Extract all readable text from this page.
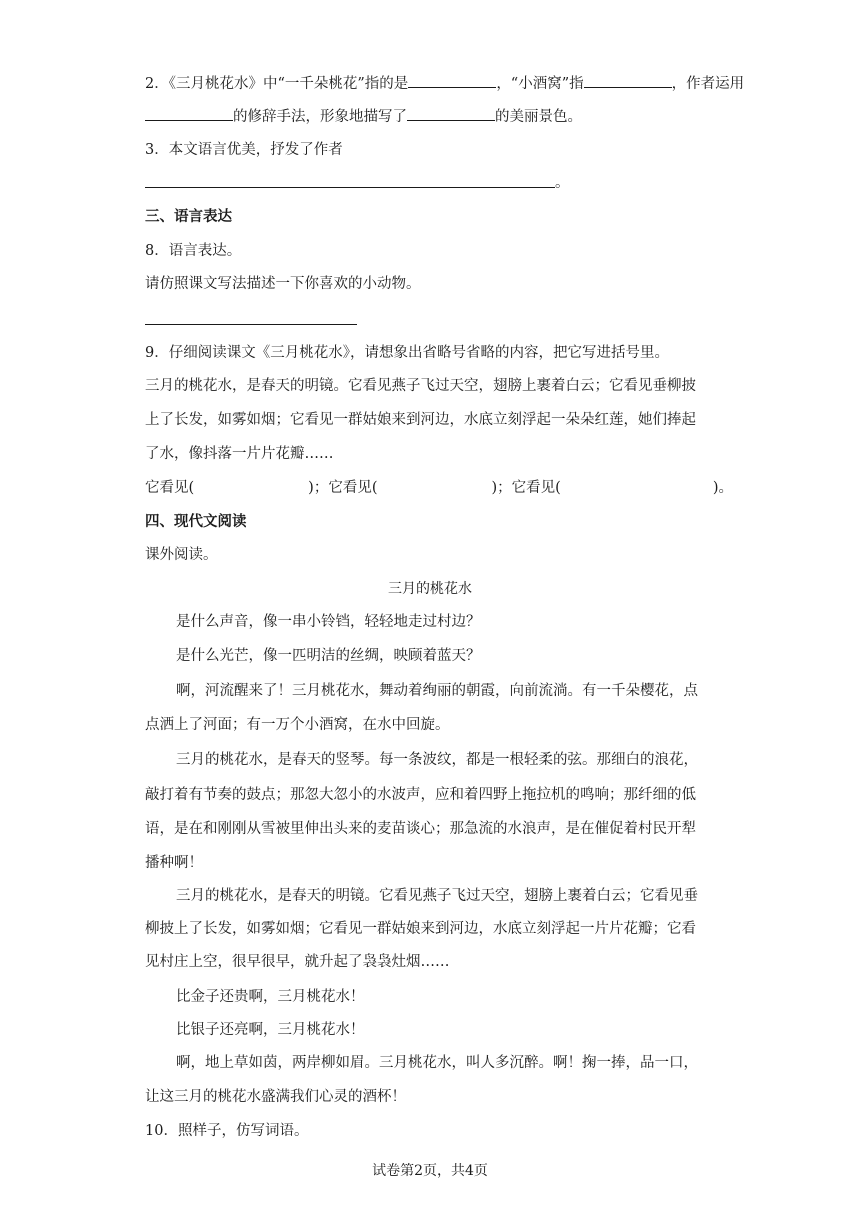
2．《三月桃花水》中“一千朵桃花”指的是	，“小酒窝”指	，作者运用
的修辞手法，形象地描写了	的美丽景色。
3．本文语言优美，抒发了作者
。
三、语言表达
8．语言表达。
请仿照课文写法描述一下你喜欢的小动物。
9．仔细阅读课文《三月桃花水》，请想象出省略号省略的内容，把它写进括号里。
三月的桃花水，是春天的明镜。它看见燕子飞过天空，翅膀上裹着白云；它看见垂柳披
上了长发，如雾如烟；它看见一群姑娘来到河边，水底立刻浮起一朵朵红莲，她们捧起
了水，像抖落一片片花瓣……
它看见(	)；它看见(	)；它看见(	)。
四、现代文阅读
课外阅读。
三月的桃花水
是什么声音，像一串小铃铛，轻轻地走过村边？
是什么光芒，像一匹明洁的丝绸，映顾着蓝天？
啊，河流醒来了！三月桃花水，舞动着绚丽的朝霞，向前流淌。有一千朵樱花，点
点洒上了河面；有一万个小酒窝，在水中回旋。
三月的桃花水，是春天的竖琴。每一条波纹，都是一根轻柔的弦。那细白的浪花，
敲打着有节奏的鼓点；那忽大忽小的水波声，应和着四野上拖拉机的鸣响；那纤细的低
语，是在和刚刚从雪被里伸出头来的麦苗谈心；那急流的水浪声，是在催促着村民开犁
播种啊！
三月的桃花水，是春天的明镜。它看见燕子飞过天空，翅膀上裹着白云；它看见垂
柳披上了长发，如雾如烟；它看见一群姑娘来到河边，水底立刻浮起一片片花瓣；它看
见村庄上空，很早很早，就升起了袅袅灶烟……
比金子还贵啊，三月桃花水！
比银子还亮啊，三月桃花水！
啊，地上草如茵，两岸柳如眉。三月桃花水，叫人多沉醉。啊！掬一捧，品一口，
让这三月的桃花水盛满我们心灵的酒杯！
10．照样子，仿写词语。
试卷第2页，共4页
